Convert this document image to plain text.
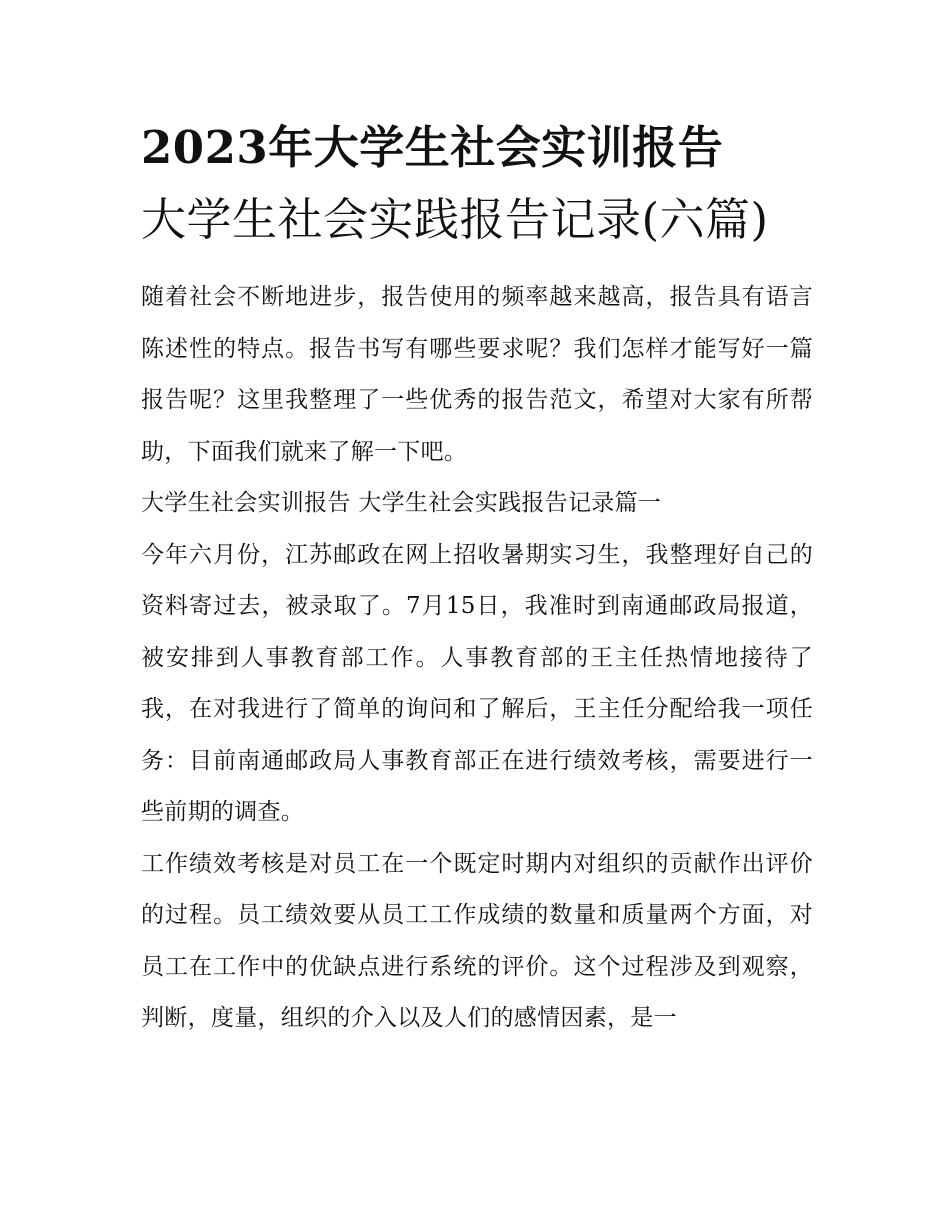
2023年大学生社会实训报告
大学生社会实践报告记录(六篇)

随着社会不断地进步，报告使用的频率越来越高，报告具有语言陈述性的特点。报告书写有哪些要求呢？我们怎样才能写好一篇报告呢？这里我整理了一些优秀的报告范文，希望对大家有所帮助，下面我们就来了解一下吧。

大学生社会实训报告 大学生社会实践报告记录篇一

今年六月份，江苏邮政在网上招收暑期实习生，我整理好自己的资料寄过去，被录取了。7月15日，我准时到南通邮政局报道，被安排到人事教育部工作。人事教育部的王主任热情地接待了我，在对我进行了简单的询问和了解后，王主任分配给我一项任务：目前南通邮政局人事教育部正在进行绩效考核，需要进行一些前期的调查。

工作绩效考核是对员工在一个既定时期内对组织的贡献作出评价的过程。员工绩效要从员工工作成绩的数量和质量两个方面，对员工在工作中的优缺点进行系统的评价。这个过程涉及到观察，判断，度量，组织的介入以及人们的感情因素，是一
